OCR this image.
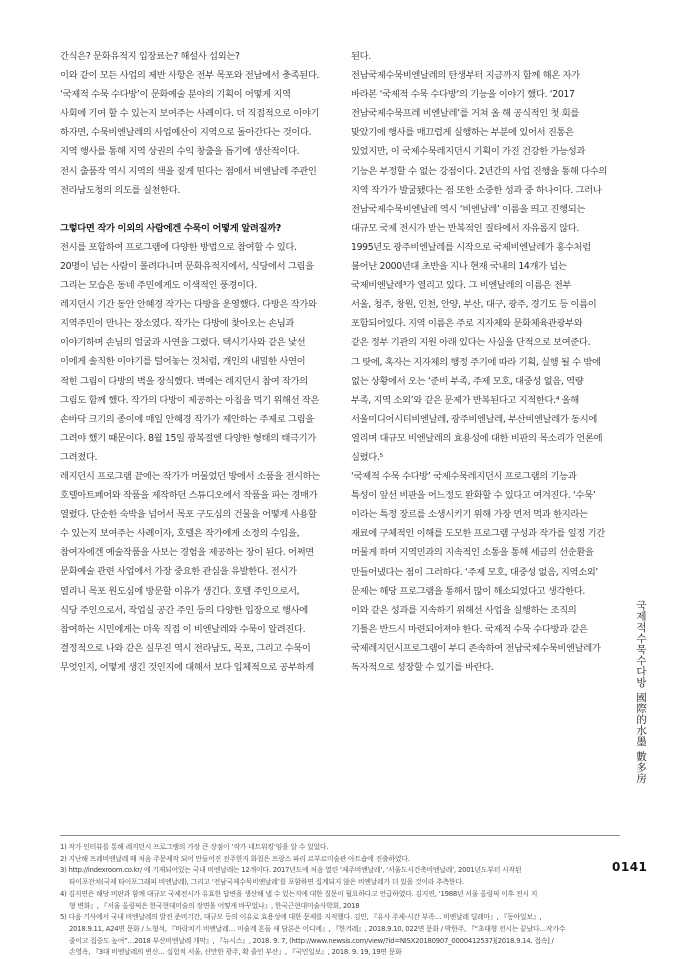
간식은? 문화유적지 입장료는? 해설사 섭외는?
이와 같이 모든 사업의 제반 사항은 전부 목포와 전남에서 충족된다.
‘국제적 수묵 수다방’이 문화예술 분야의 기획이 어떻게 지역
사회에 기여 할 수 있는지 보여주는 사례이다. 더 직접적으로 이야기
하자면, 수묵비엔날레의 사업예산이 지역으로 돌아간다는 것이다.
지역 행사를 통해 지역 상권의 수익 창출을 돕기에 생산적이다.
전시 출품작 역시 지역의 색을 짙게 띤다는 점에서 비엔날레 주관인
전라남도청의 의도를 실천한다.
그렇다면 작가 이외의 사람에겐 수묵이 어떻게 알려질까?
전시를 포함하여 프로그램에 다양한 방법으로 참여할 수 있다.
20명이 넘는 사람이 몰려다니며 문화유적지에서, 식당에서 그림을
그리는 모습은 동네 주민에게도 이색적인 풍경이다.
레지던시 기간 동안 안혜경 작가는 다방을 운영했다. 다방은 작가와
지역주민이 만나는 장소였다. 작가는 다방에 찾아오는 손님과
이야기하며 손님의 얼굴과 사연을 그렸다. 택시기사와 같은 낯선
이에게 솔직한 이야기를 털어놓는 것처럼, 개인의 내밀한 사연이
적힌 그림이 다방의 벽을 장식했다. 벽에는 레지던시 참여 작가의
그림도 함께 했다. 작가의 다방이 제공하는 아침을 먹기 위해선 작은
손바닥 크기의 종이에 매일 안혜경 작가가 제안하는 주제로 그림을
그려야 했기 때문이다. 8월 15일 광복절엔 다양한 형태의 태극기가
그려졌다.
레지던시 프로그램 끝에는 작가가 머물었던 방에서 소품을 전시하는
호텔아트페어와 작품을 제작하던 스튜디오에서 작품을 파는 경매가
열렸다. 단순한 숙박을 넘어서 목포 구도심의 건물을 어떻게 사용할
수 있는지 보여주는 사례이자, 호텔은 작가에게 소정의 수입을,
참여자에겐 예술작품을 사보는 경험을 제공하는 장이 된다. 어쩌면
문화예술 관련 사업에서 가장 중요한 관심을 유발한다. 전시가
열리니 목포 원도심에 방문할 이유가 생긴다. 호텔 주인으로서,
식당 주인으로서, 작업실 공간 주인 등의 다양한 입장으로 행사에
참여하는 시민에게는 더욱 직접 이 비엔날레와 수묵이 알려진다.
결정적으로 나와 같은 실무진 역시 전라남도, 목포, 그리고 수묵이
무엇인지, 어떻게 생긴 것인지에 대해서 보다 입체적으로 공부하게
된다.
전남국제수묵비엔날레의 탄생부터 지금까지 함께 해온 자가
바라본 ‘국제적 수묵 수다방’의 기능을 이야기 했다. ‘2017
전남국제수묵프레 비엔날레’를 거쳐 올 해 공식적인 첫 회를
맞았기에 행사를 매끄럽게 실행하는 부분에 있어서 진통은
있었지만, 이 국제수묵레지던시 기획이 가진 건강한 가능성과
기능은 부정할 수 없는 강점이다. 2년간의 사업 진행을 통해 다수의
지역 작가가 발굴됐다는 점 또한 소중한 성과 중 하나이다. 그러나
전남국제수묵비엔날레 역시 ‘비엔날레’ 이름을 띄고 진행되는
대규모 국제 전시가 받는 반복적인 질타에서 자유롭지 않다.
1995년도 광주비엔날레를 시작으로 국제비엔날레가 홍수처럼
불어난 2000년대 초반을 지나 현재 국내의 14개가 넘는
국제비엔날레³가 열리고 있다. 그 비엔날레의 이름은 전부
서울, 청주, 창원, 인천, 안양, 부산, 대구, 광주, 경기도 등 이름이
포함되어있다. 지역 이름은 주로 지자체와 문화체육관광부와
같은 정부 기관의 지원 아래 있다는 사실을 단적으로 보여준다.
그 탓에, 혹자는 지자체의 행정 주기에 따라 기획, 실행 될 수 밖에
없는 상황에서 오는 ‘준비 부족, 주제 모호, 대중성 없음, 역량
부족, 지역 소외’와 같은 문제가 반복된다고 지적한다.⁴ 올해
서울미디어시티비엔날레, 광주비엔날레, 부산비엔날레가 동시에
열리며 대규모 비엔날레의 효용성에 대한 비판의 목소리가 언론에
실렸다.⁵
‘국제적 수묵 수다방’ 국제수묵레지던시 프로그램의 기능과
특성이 앞선 비판을 어느정도 완화할 수 있다고 여겨진다. ‘수묵’
이라는 특정 장르를 소생시키기 위해 가장 먼저 먹과 한지라는
재료에 구체적인 이해를 도모한 프로그램 구성과 작가를 일정 기간
머물게 하며 지역민과의 지속적인 소통을 통해 세금의 선순환을
만들어냈다는 점이 그러하다. ‘주제 모호, 대중성 없음, 지역소외’
문제는 해당 프로그램을 통해서 많이 해소되었다고 생각한다.
이와 같은 성과를 지속하기 위해선 사업을 실행하는 조직의
기틀은 반드시 마련되어져야 한다. 국제적 수묵 수다방과 같은
국제레지던시프로그램이 부디 존속하여 전남국제수묵비엔날레가
독자적으로 성장할 수 있기를 바란다.
1) 작가 인터뷰를 통해 레지던시 프로그램의 가장 큰 장점이 ‘작가 네트워킹’임을 알 수 있었다.
2) 지난해 프레비엔날레 때 처음 주문제작 되어 만들어진 전주한지 화첩은 프랑스 파리 르부르미술관 아트숍에 진출하였다.
3) http://indexroom.co.kr/ 에 기재되어있는 국내 비엔날레는 12개이다. 2017년도에 처음 열린 ‘제주비엔날레’, ‘서울도시건축비엔날레’, 2001년도부터 시작된
타이포잔치(국제 타이포그래피 비엔날레), 그리고 ‘전남국제수묵비엔날레’를 포함하면 집계되지 않은 비엔날레가 더 있을 것이라 추측한다.
4) 김지연은 해당 비판과 함께 대규모 국제전시가 유효한 답변을 생산해 낼 수 있는지에 대한 질문이 필요하다고 언급하였다. 김지연, ‘1988년 서울 올림픽 이후 전시 지
형 변화』, 『서울 올림픽은 한국현대미술의 장면을 어떻게 바꾸었나』, 한국근현대미술사학회, 2018
5) 다음 기사에서 국내 비엔날레의 발전 준비기간, 대규모 등의 이유로 효용성에 대한 문제를 지적했다. 김민, 『유사 주제-시간 부족… 비엔날레 딜레마』, 『동아일보』,
2018.9.11, A24면 문화 / 노형석, 『바락치기 비엔날레… 미술계 흔들 새 담론은 어디에』, 『한겨레』, 2018.9.10, 022면 문화 / 박한주, 『“초대형 전시는 끝났다…작가수
줄이고 집중도 높여”…2018 부산비엔날레 개막』, 『뉴시스』, 2018. 9. 7, (http://www.newsis.com/view/?id=NISX20180907_0000412537)[2018.9.14. 접속] /
손영옥, 『3대 비엔날레의 변신… 실험적 서울, 산만한 광주, 확 줄인 부산』, 『국민일보』, 2018. 9. 19, 19면 문화
국제적수묵수다방 國際的水墨 數多房
0141
